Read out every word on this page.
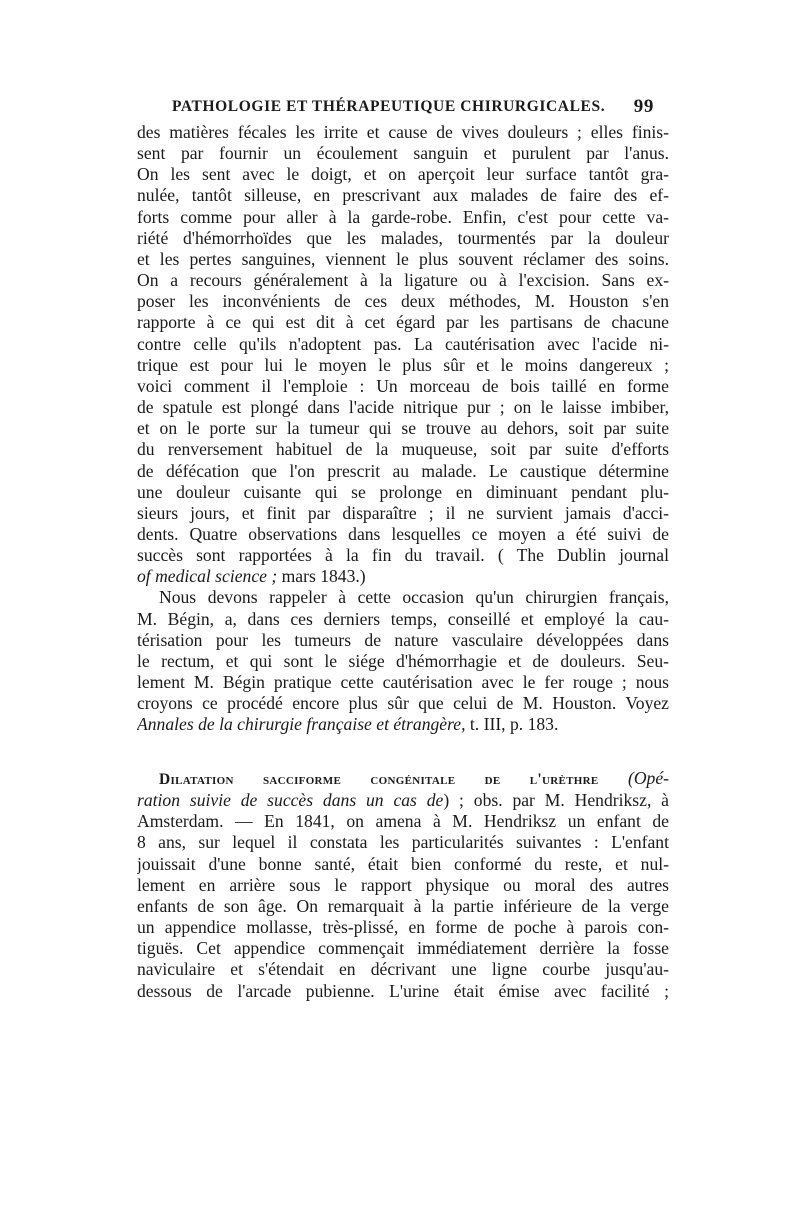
PATHOLOGIE ET THÉRAPEUTIQUE CHIRURGICALES. 99
des matières fécales les irrite et cause de vives douleurs ; elles finis-
sent par fournir un écoulement sanguin et purulent par l'anus.
On les sent avec le doigt, et on aperçoit leur surface tantôt gra-
nulée, tantôt silleuse, en prescrivant aux malades de faire des ef-
forts comme pour aller à la garde-robe. Enfin, c'est pour cette va-
riété d'hémorrhoïdes que les malades, tourmentés par la douleur
et les pertes sanguines, viennent le plus souvent réclamer des soins.
On a recours généralement à la ligature ou à l'excision. Sans ex-
poser les inconvénients de ces deux méthodes, M. Houston s'en
rapporte à ce qui est dit à cet égard par les partisans de chacune
contre celle qu'ils n'adoptent pas. La cautérisation avec l'acide ni-
trique est pour lui le moyen le plus sûr et le moins dangereux ;
voici comment il l'emploie : Un morceau de bois taillé en forme
de spatule est plongé dans l'acide nitrique pur ; on le laisse imbiber,
et on le porte sur la tumeur qui se trouve au dehors, soit par suite
du renversement habituel de la muqueuse, soit par suite d'efforts
de défécation que l'on prescrit au malade. Le caustique détermine
une douleur cuisante qui se prolonge en diminuant pendant plu-
sieurs jours, et finit par disparaître ; il ne survient jamais d'acci-
dents. Quatre observations dans lesquelles ce moyen a été suivi de
succès sont rapportées à la fin du travail. ( The Dublin journal
of medical science ; mars 1843.)
Nous devons rappeler à cette occasion qu'un chirurgien français,
M. Bégin, a, dans ces derniers temps, conseillé et employé la cau-
térisation pour les tumeurs de nature vasculaire développées dans
le rectum, et qui sont le siége d'hémorrhagie et de douleurs. Seu-
lement M. Bégin pratique cette cautérisation avec le fer rouge ; nous
croyons ce procédé encore plus sûr que celui de M. Houston. Voyez
Annales de la chirurgie française et étrangère, t. III, p. 183.
Dilatation sacciforme congénitale de l'urèthre (Opé-
ration suivie de succès dans un cas de) ; obs. par M. Hendriksz, à
Amsterdam. — En 1841, on amena à M. Hendriksz un enfant de
8 ans, sur lequel il constata les particularités suivantes : L'enfant
jouissait d'une bonne santé, était bien conformé du reste, et nul-
lement en arrière sous le rapport physique ou moral des autres
enfants de son âge. On remarquait à la partie inférieure de la verge
un appendice mollasse, très-plissé, en forme de poche à parois con-
tiguës. Cet appendice commençait immédiatement derrière la fosse
naviculaire et s'étendait en décrivant une ligne courbe jusqu'au-
dessous de l'arcade pubienne. L'urine était émise avec facilité ;
